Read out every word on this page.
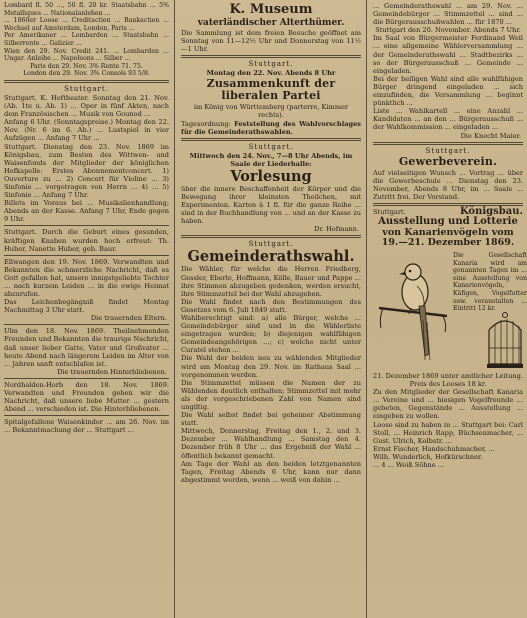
Lombard fl. 50 ..., 50 fl. 20 kr. Staatsbahn ... 5% Metalliques ... Nationalanlehen ...

... 1860er Loose ... Creditactien ... Bankactien ... Wechsel auf Amsterdam, London, Paris ...

Per Amerikaner ... Lombarden ... Staatsbahn ... Silberrente ... Galizier ...

Wien den 29. Nov. Credit 241. ... Lombarden ... Ungar. Anleihe ... Napoleons ... Silber ...

Paris den 29. Nov. 3% Rente 71. 75.

London den 29. Nov. 3% Consols 93 5/8.

Stuttgart.

Stuttgart. K. Hoftheater. Sonntag den 21. Nov. (Ab. 1te u. Ab. 1) ... Oper in fünf Akten, nach dem Französischen ... Musik von Gounod ...

Anfang 6 Uhr. (Sonntagspreise.) Montag den 22. Nov. (Nr. 6 im 6. Ab.) ... Lustspiel in vier Aufzügen ... Anfang 7 Uhr ...

Stuttgart. Dienstag den 23. Nov. 1869 im Königsbau, zum Besten des Wittwen- und Waisenfonds der Mitglieder der königlichen Hofkapelle: Erstes Abonnementconcert. 1) Ouverture zu ... 2) Concert für Violine ... 3) Sinfonie ... vorgetragen von Herrn ... 4) ... 5) Sinfonie ... Anfang 7 Uhr.

Billets im Voraus bei ... Musikalienhandlung; Abends an der Kasse. Anfang 7 Uhr, Ende gegen 9 Uhr.

Stuttgart. Durch die Geburt eines gesunden, kräftigen Knaben wurden hoch erfreut: Th. Huber, Nanette Huber, geb. Baur.

Ellwangen den 19. Nov. 1869. Verwandten und Bekannten die schmerzliche Nachricht, daß es Gott gefallen hat, unsere innigstgeliebte Tochter ... nach kurzem Leiden ... in die ewige Heimat abzurufen.

Das Leichenbegängniß findet Montag Nachmittag 3 Uhr statt.

Die trauernden Eltern.

Ulm den 18. Nov. 1869. Theilnehmenden Freunden und Bekannten die traurige Nachricht, daß unser lieber Gatte, Vater und Großvater ... heute Abend nach längerem Leiden im Alter von ... Jahren sanft entschlafen ist.

Die trauernden Hinterbliebenen.

Nordhalden-Horb den 18. Nov. 1869. Verwandten und Freunden geben wir die Nachricht, daß unsere liebe Mutter ... gestern Abend ... verschieden ist. Die Hinterbliebenen.

Spitalgefallene Waisenkinder ... am 26. Nov. im ... Bekanntmachung der ... Stuttgart ...

K. Museum

vaterländischer Alterthümer.

Die Sammlung ist dem freien Besuche geöffnet am Sonntag von 11—12½ Uhr und Donnerstag von 11½—1 Uhr.

Stuttgart.

Montag den 22. Nov. Abends 8 Uhr

Zusammenkunft der liberalen Partei

im König von Württemberg (parterre, Kimmer rechts).

Tagesordnung: Feststellung des Wahlvorschlages für die Gemeinderathswahlen.

Stuttgart.

Mittwoch den 24. Nov., 7—8 Uhr Abends, im Saale der Liederhalle:

Vorlesung

über die innere Beschaffenheit der Körper und die Bewegung ihrer kleinsten Theilchen, mit Experimenten. Karten à 1 fl. für die ganze Reihe ... sind in der Buchhandlung von ... und an der Kasse zu haben.

Dr. Hofmann.

Stuttgart.

Gemeinderathswahl.

Die Wähler, für welche die Herren Friedberg, Gessler, Eberle, Hoffmann, Kölle, Bauer und Pappe ... ihre Stimmen abzugeben gedenken, werden ersucht, ihre Stimmzettel bei der Wahl abzugeben.

Die Wahl findet nach den Bestimmungen des Gesetzes vom 6. Juli 1849 statt.

Wahlberechtigt sind: a) alle Bürger, welche ... Gemeindebürger sind und in die Wählerliste eingetragen wurden; b) diejenigen wahlfähigen Gemeindeangehörigen ...; c) welche nicht unter Curatel stehen ...

Die Wahl der beiden neu zu wählenden Mitglieder wird am Montag den 29. Nov. im Rathaus Saal ... vorgenommen werden.

Die Stimmzettel müssen die Namen der zu Wählenden deutlich enthalten; Stimmzettel mit mehr als der vorgeschriebenen Zahl von Namen sind ungiltig.

Die Wahl selbst findet bei geheimer Abstimmung statt.

Mittwoch, Donnerstag, Freitag den 1., 2. und 3. Dezember ... Wahlhandlung ... Samstag den 4. Dezember früh 8 Uhr ... das Ergebniß der Wahl ... öffentlich bekannt gemacht.

Am Tage der Wahl an den beiden letztgenannten Tagen, Freitag Abends 6 Uhr, kann nur dann abgestimmt werden, wenn ... weiß von dahin ...

... Gemeinderathswahl ... am 29. Nov. ... Gemeindebürger ... Stimmzettel ... sind ... die Bürgerausschußwahlen ... für 1870 ...

Stuttgart den 20. November. Abends 7 Uhr.

Im Saal von Bürgermeister Ferdinand Weil ... eine allgemeine Wählerversammlung ... der Gemeinderathswahl ... Stadtbezirks ... so der Bürgerausschuß ... Gemeinde ... eingeladen.

Bei der heiligen Wahl sind alle wahlfähigen Bürger dringend eingeladen ... sich einzufinden, die Versammlung ... beginnt pünktlich ...

Liste ... Wahlkartell ... eine Anzahl ... Kandidaten ... an den ... Bürgerausschuß ... der Wahlkommission ... eingeladen ...

Die Knecht Maier.

Stuttgart.

Gewerbeverein.

Auf vielseitigen Wunsch ... Vortrag ... über die Gewerbeschule ... Dienstag den 23. November, Abends 8 Uhr, im ... Saale ... Zutritt frei. Der Vorstand.

Stuttgart.	Königsbau.

Ausstellung und Lotterie

von Kanarienvögeln vom 19.—21. Dezember 1869.

Die Gesellschaft Kanaria wird am genannten Tagen im ... eine Ausstellung von Kanarienvögeln, Käfigen, Vogelfutter usw. veranstalten ... Eintritt 12 kr.

21. Dezember 1869 unter amtlicher Leitung.

Preis des Looses 18 kr.

Zu den Mitglieder der Gesellschaft Kanaria ... Vereine und ... hiesigen Vogelfreunde ... gebeten, Gegenstände ... Ausstellung ... eingeben zu wollen.

Loose sind zu haben in ... Stuttgart bei: Carl Stoll, ... Heinrich Rapp, Büchsenmacher, ... Gust. Ulrich, Kolbstr. ...

Ernst Fischer, Handschuhmacher, ...

Wilh. Wunderlich, Hofkürschner.

... 4 ... Weiß Söhne ...
